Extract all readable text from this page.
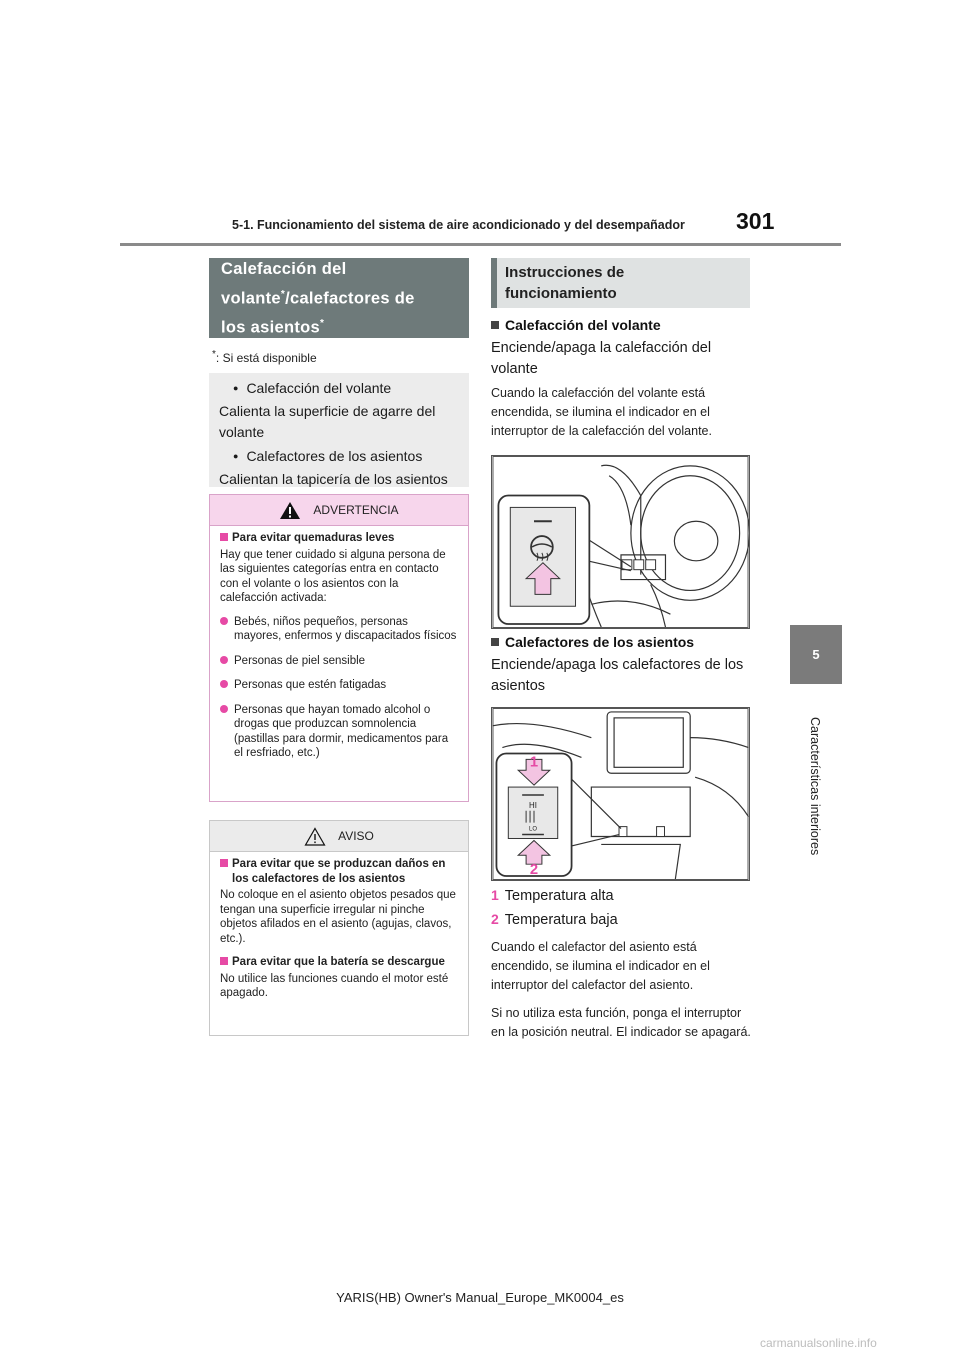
5-1. Funcionamiento del sistema de aire acondicionado y del desempañador 301
5
Características interiores
Calefacción del
volante*/calefactores de
los asientos*
*: Si está disponible

● Calefacción del volante

Calienta la superficie de agarre del volante

● Calefactores de los asientos

Calientan la tapicería de los asientos

ADVERTENCIA

Para evitar quemaduras leves

Hay que tener cuidado si alguna persona de las siguientes categorías entra en contacto con el volante o los asientos con la calefacción activada:

Bebés, niños pequeños, personas mayores, enfermos y discapacitados físicos

Personas de piel sensible

Personas que estén fatigadas

Personas que hayan tomado alcohol o drogas que produzcan somnolencia (pastillas para dormir, medicamentos para el resfriado, etc.)

AVISO

Para evitar que se produzcan daños en los calefactores de los asientos

No coloque en el asiento objetos pesados que tengan una superficie irregular ni pinche objetos afilados en el asiento (agujas, clavos, etc.).

Para evitar que la batería se descargue

No utilice las funciones cuando el motor esté apagado.

Instrucciones de funcionamiento
Calefacción del volante
Enciende/apaga la calefacción del volante
Cuando la calefacción del volante está encendida, se ilumina el indicador en el interruptor de la calefacción del volante.
Calefactores de los asientos
Enciende/apaga los calefactores de los asientos
HI
LO
1
2
1 Temperatura alta
2 Temperatura baja
Cuando el calefactor del asiento está encendido, se ilumina el indicador en el interruptor del calefactor del asiento.
Si no utiliza esta función, ponga el interruptor en la posición neutral. El indicador se apagará.
YARIS(HB) Owner's Manual_Europe_MK0004_es
carmanualsonline.info
